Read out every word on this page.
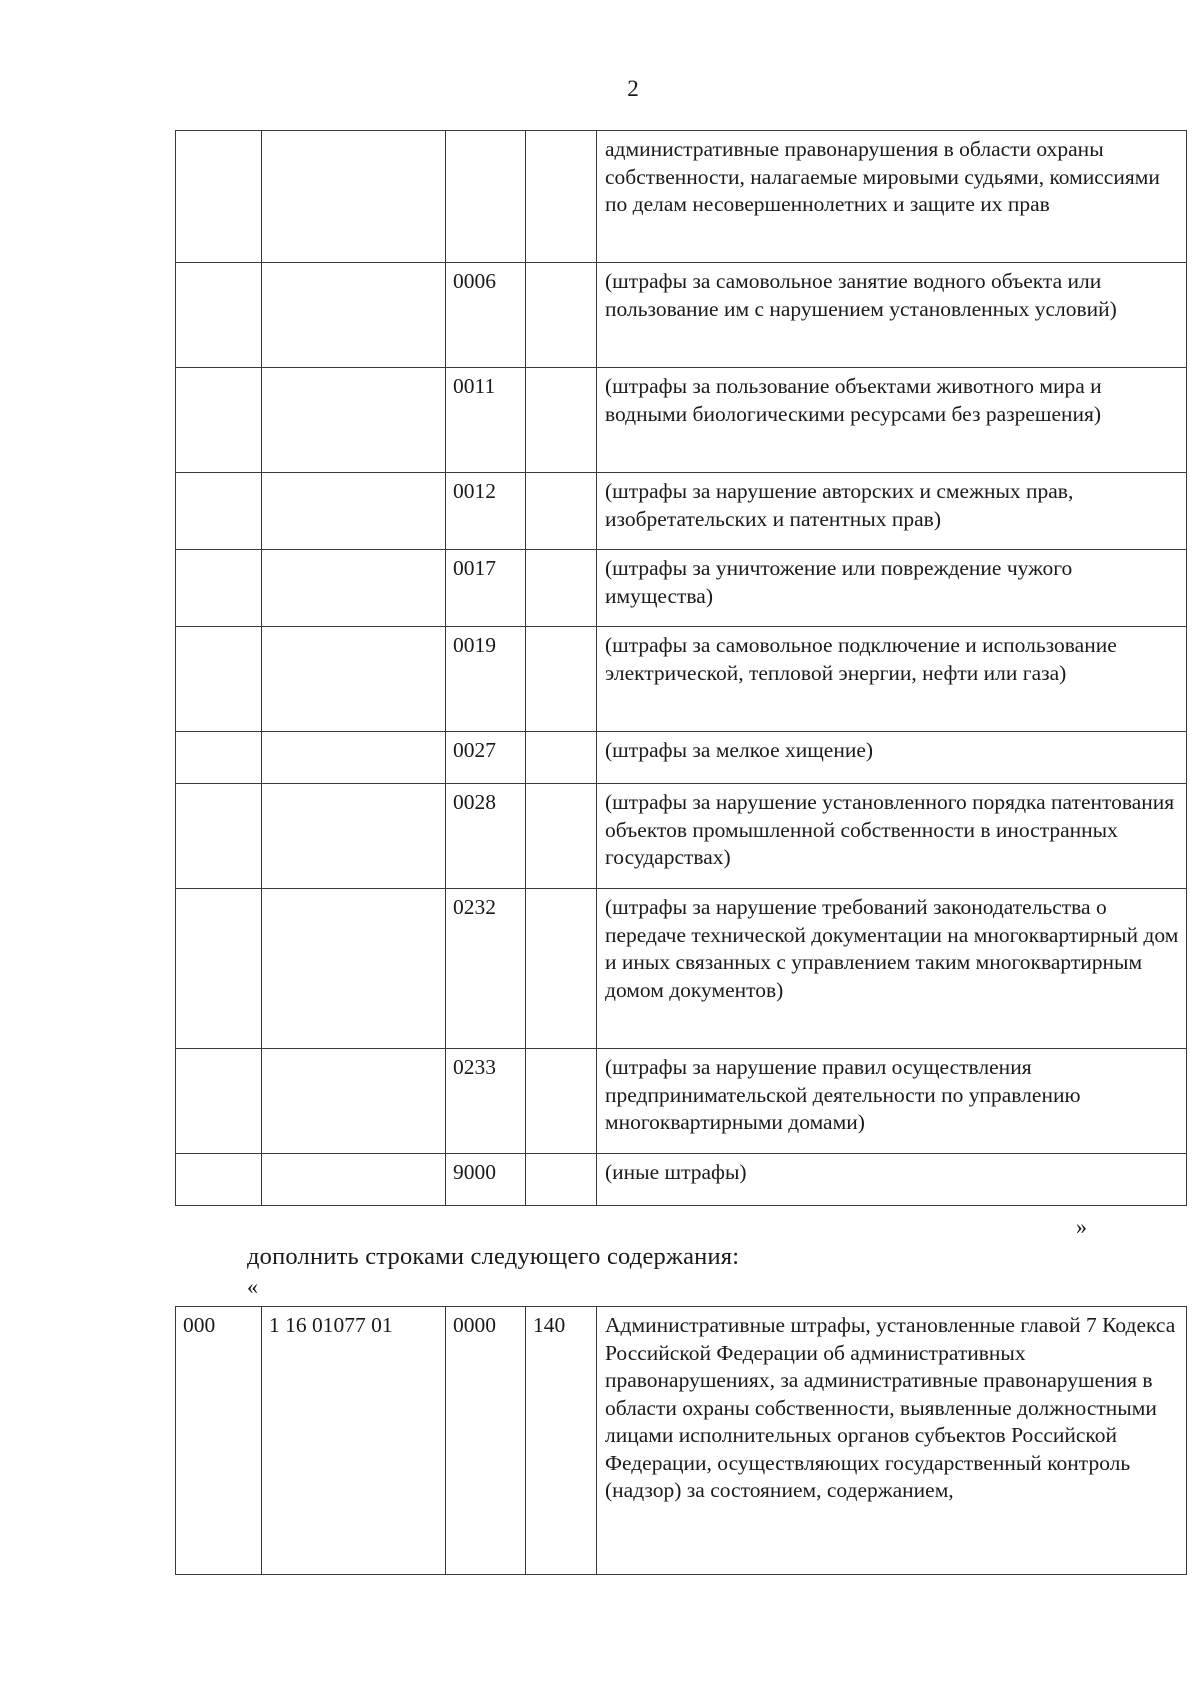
2
				административные правонарушения в области охраны собственности, налагаемые мировыми судьями, комиссиями по делам несовершеннолетних и защите их прав
		0006		(штрафы за самовольное занятие водного объекта или пользование им с нарушением установленных условий)
		0011		(штрафы за пользование объектами животного мира и водными биологическими ресурсами без разрешения)
		0012		(штрафы за нарушение авторских и смежных прав, изобретательских и патентных прав)
		0017		(штрафы за уничтожение или повреждение чужого имущества)
		0019		(штрафы за самовольное подключение и использование электрической, тепловой энергии, нефти или газа)
		0027		(штрафы за мелкое хищение)
		0028		(штрафы за нарушение установленного порядка патентования объектов промышленной собственности в иностранных государствах)
		0232		(штрафы за нарушение требований законодательства о передаче технической документации на многоквартирный дом и иных связанных с управлением таким многоквартирным домом документов)
		0233		(штрафы за нарушение правил осуществления предпринимательской деятельности по управлению многоквартирными домами)
		9000		(иные штрафы)
»
дополнить строками следующего содержания:
«
000	1 16 01077 01	0000	140	Административные штрафы, установленные главой 7 Кодекса Российской Федерации об административных правонарушениях, за административные правонарушения в области охраны собственности, выявленные должностными лицами исполнительных органов субъектов Российской Федерации, осуществляющих государственный контроль (надзор) за состоянием, содержанием,
